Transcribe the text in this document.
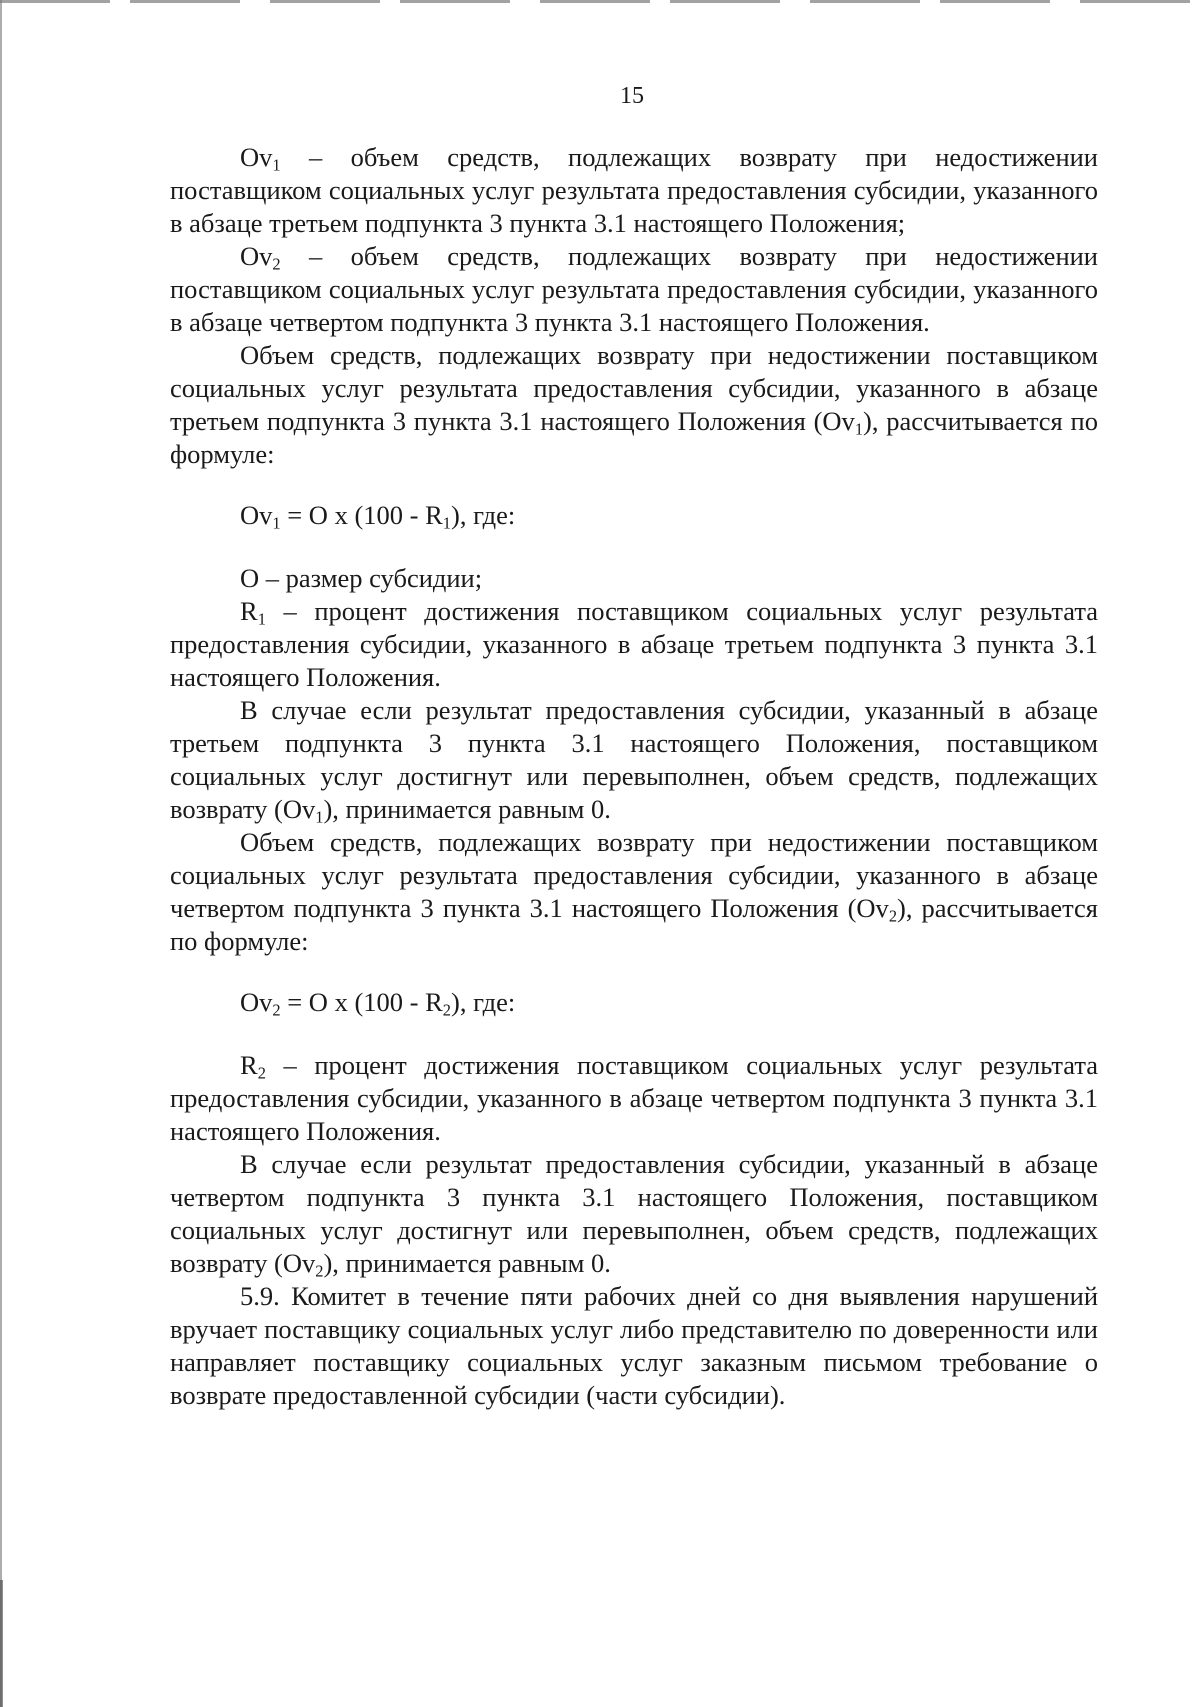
15

$Ov_1$ – объем средств, подлежащих возврату при недостижении поставщиком социальных услуг результата предоставления субсидии, указанного в абзаце третьем подпункта 3 пункта 3.1 настоящего Положения;

$Ov_2$ – объем средств, подлежащих возврату при недостижении поставщиком социальных услуг результата предоставления субсидии, указанного в абзаце четвертом подпункта 3 пункта 3.1 настоящего Положения.

Объем средств, подлежащих возврату при недостижении поставщиком социальных услуг результата предоставления субсидии, указанного в абзаце третьем подпункта 3 пункта 3.1 настоящего Положения $(Ov_1)$, рассчитывается по формуле:

$Ov_1 = O$ x $(100 - R_1)$, где:

O – размер субсидии;

$R_1$ – процент достижения поставщиком социальных услуг результата предоставления субсидии, указанного в абзаце третьем подпункта 3 пункта 3.1 настоящего Положения.

В случае если результат предоставления субсидии, указанный в абзаце третьем подпункта 3 пункта 3.1 настоящего Положения, поставщиком социальных услуг достигнут или перевыполнен, объем средств, подлежащих возврату $(Ov_1)$, принимается равным 0.

Объем средств, подлежащих возврату при недостижении поставщиком социальных услуг результата предоставления субсидии, указанного в абзаце четвертом подпункта 3 пункта 3.1 настоящего Положения $(Ov_2)$, рассчитывается по формуле:

$Ov_2 = O$ x $(100 - R_2)$, где:

$R_2$ – процент достижения поставщиком социальных услуг результата предоставления субсидии, указанного в абзаце четвертом подпункта 3 пункта 3.1 настоящего Положения.

В случае если результат предоставления субсидии, указанный в абзаце четвертом подпункта 3 пункта 3.1 настоящего Положения, поставщиком социальных услуг достигнут или перевыполнен, объем средств, подлежащих возврату $(Ov_2)$, принимается равным 0.

5.9. Комитет в течение пяти рабочих дней со дня выявления нарушений вручает поставщику социальных услуг либо представителю по доверенности или направляет поставщику социальных услуг заказным письмом требование о возврате предоставленной субсидии (части субсидии).
